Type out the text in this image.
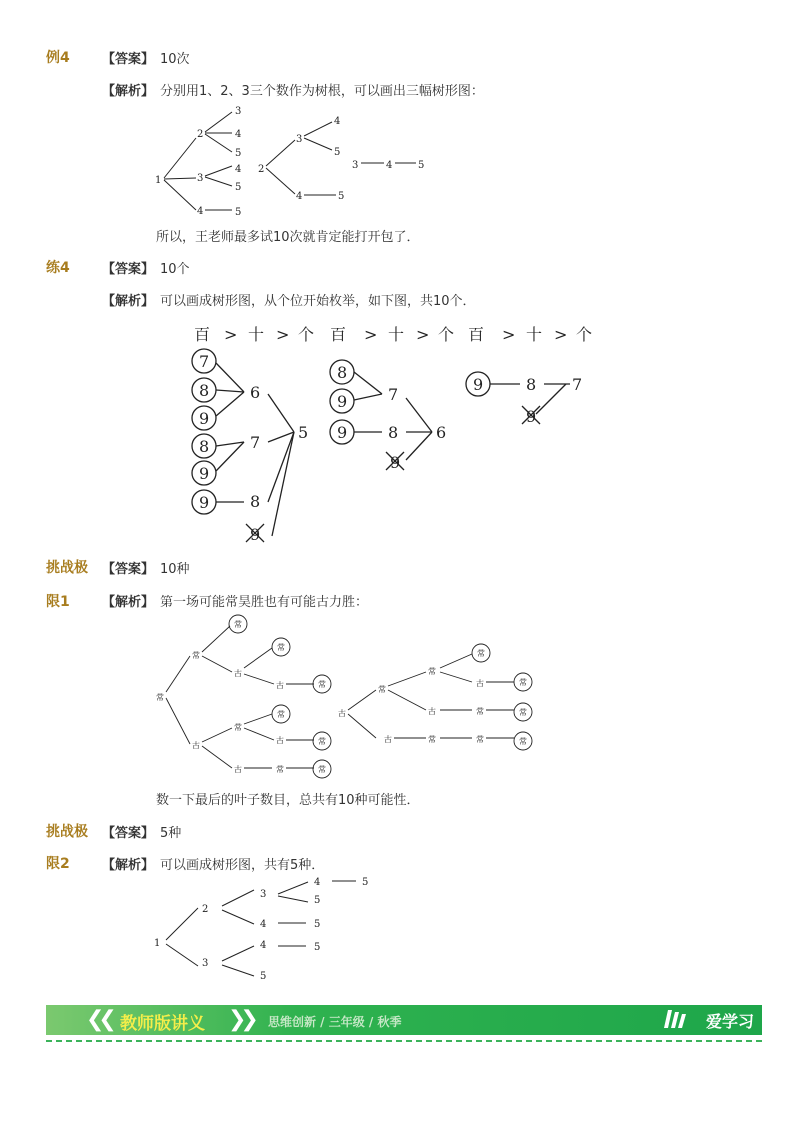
例4 【答案】 10次
【解析】 分别用1、2、3三个数作为树根，可以画出三幅树形图：
1
2
3
4
5
3
4
5
4	5
2
3
4
5
4	5
3	4	5
所以，王老师最多试10次就肯定能打开包了．
练4 【答案】 10个
【解析】 可以画成树形图，从个位开始枚举，如下图，共10个．
百 > 十 > 个 百 > 十 > 个 百 > 十 > 个
7
8
9
6
8
9
7
9	8
5
9
8
9	7
9	8 6
9
9	8 7
9
挑战极
限1
【答案】 10种
【解析】 第一场可能常昊胜也有可能古力胜：
常
常
常
古
常
古	常
古
常
常
古	常
古	常	常
古
常
常
常
古	常
古	常	常
古	常	常	常
数一下最后的叶子数目，总共有10种可能性．
挑战极
限2
【答案】 5种
【解析】 可以画成树形图，共有5种．
1
2
3
4	5
5
4	5
3
4	5
5
❮❮ 教师版讲义 ❯❯ 思维创新 / 三年级 / 秋季	爱学习
